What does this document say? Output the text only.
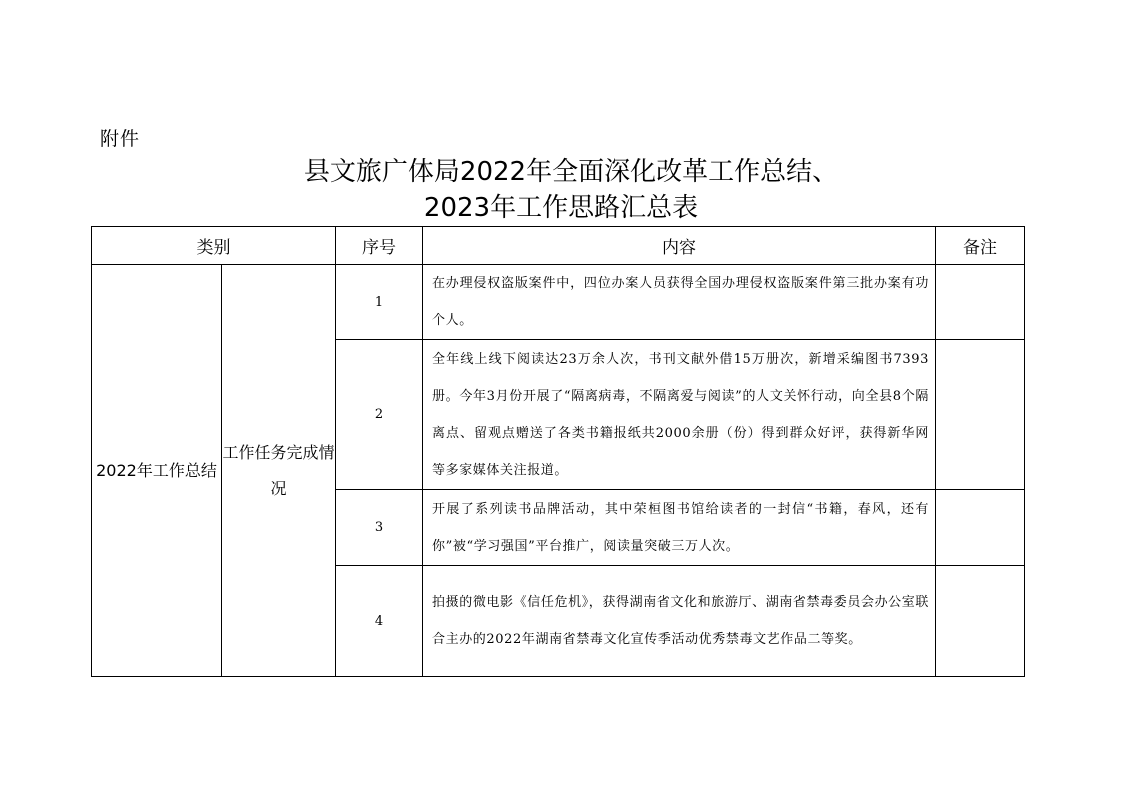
附件
县文旅广体局2022年全面深化改革工作总结、
2023年工作思路汇总表
类别		序号	内容	备注
2022年工作总结	工作任务完成情况	1	在办理侵权盗版案件中，四位办案人员获得全国办理侵权盗版案件第三批办案有功个人。	
		2	全年线上线下阅读达23万余人次，书刊文献外借15万册次，新增采编图书7393册。今年3月份开展了“隔离病毒，不隔离爱与阅读”的人文关怀行动，向全县8个隔离点、留观点赠送了各类书籍报纸共2000余册（份）得到群众好评，获得新华网等多家媒体关注报道。	
		3	开展了系列读书品牌活动，其中荣桓图书馆给读者的一封信“书籍，春风，还有你”被“学习强国”平台推广，阅读量突破三万人次。	
		4	拍摄的微电影《信任危机》，获得湖南省文化和旅游厅、湖南省禁毒委员会办公室联合主办的2022年湖南省禁毒文化宣传季活动优秀禁毒文艺作品二等奖。	
